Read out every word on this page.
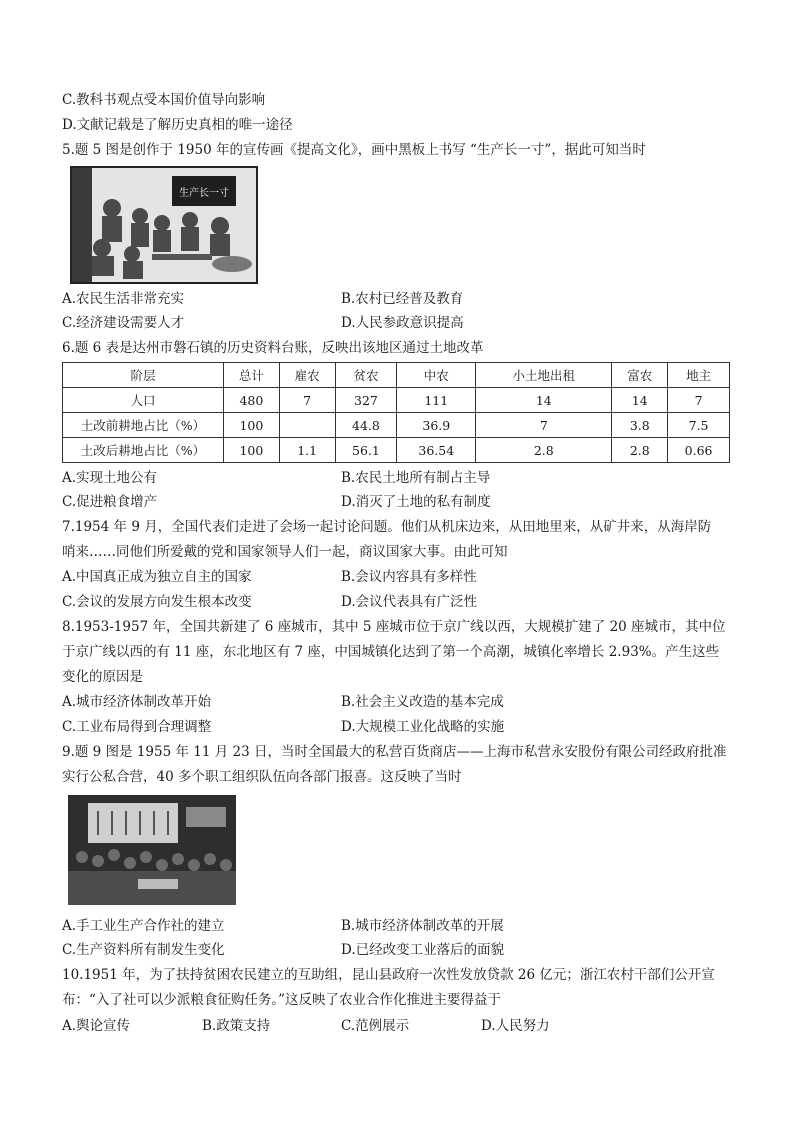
C.教科书观点受本国价值导向影响
D.文献记载是了解历史真相的唯一途径
5.题 5 图是创作于 1950 年的宣传画《提高文化》，画中黑板上书写 “生产长一寸”，据此可知当时
生产长一寸
A.农民生活非常充实	B.农村已经普及教育
C.经济建设需要人才	D.人民参政意识提高
6.题 6 表是达州市磐石镇的历史资料台账，反映出该地区通过土地改革
阶层	总计	雇农	贫农	中农	小土地出租	富农	地主
人口	480	7	327	111	14	14	7
土改前耕地占比（%）	100		44.8	36.9	7	3.8	7.5
土改后耕地占比（%）	100	1.1	56.1	36.54	2.8	2.8	0.66
A.实现土地公有	B.农民土地所有制占主导
C.促进粮食增产	D.消灭了土地的私有制度
7.1954 年 9 月，全国代表们走进了会场一起讨论问题。他们从机床边来，从田地里来，从矿井来，从海岸防
哨来……同他们所爱戴的党和国家领导人们一起，商议国家大事。由此可知
A.中国真正成为独立自主的国家	B.会议内容具有多样性
C.会议的发展方向发生根本改变	D.会议代表具有广泛性
8.1953-1957 年，全国共新建了 6 座城市，其中 5 座城市位于京广线以西，大规模扩建了 20 座城市，其中位
于京广线以西的有 11 座，东北地区有 7 座，中国城镇化达到了第一个高潮，城镇化率增长 2.93%。产生这些
变化的原因是
A.城市经济体制改革开始	B.社会主义改造的基本完成
C.工业布局得到合理调整	D.大规模工业化战略的实施
9.题 9 图是 1955 年 11 月 23 日，当时全国最大的私营百货商店——上海市私营永安股份有限公司经政府批准
实行公私合营，40 多个职工组织队伍向各部门报喜。这反映了当时
A.手工业生产合作社的建立	B.城市经济体制改革的开展
C.生产资料所有制发生变化	D.已经改变工业落后的面貌
10.1951 年，为了扶持贫困农民建立的互助组，昆山县政府一次性发放贷款 26 亿元；浙江农村干部们公开宣
布：“入了社可以少派粮食征购任务。”这反映了农业合作化推进主要得益于
A.舆论宣传	B.政策支持	C.范例展示	D.人民努力
